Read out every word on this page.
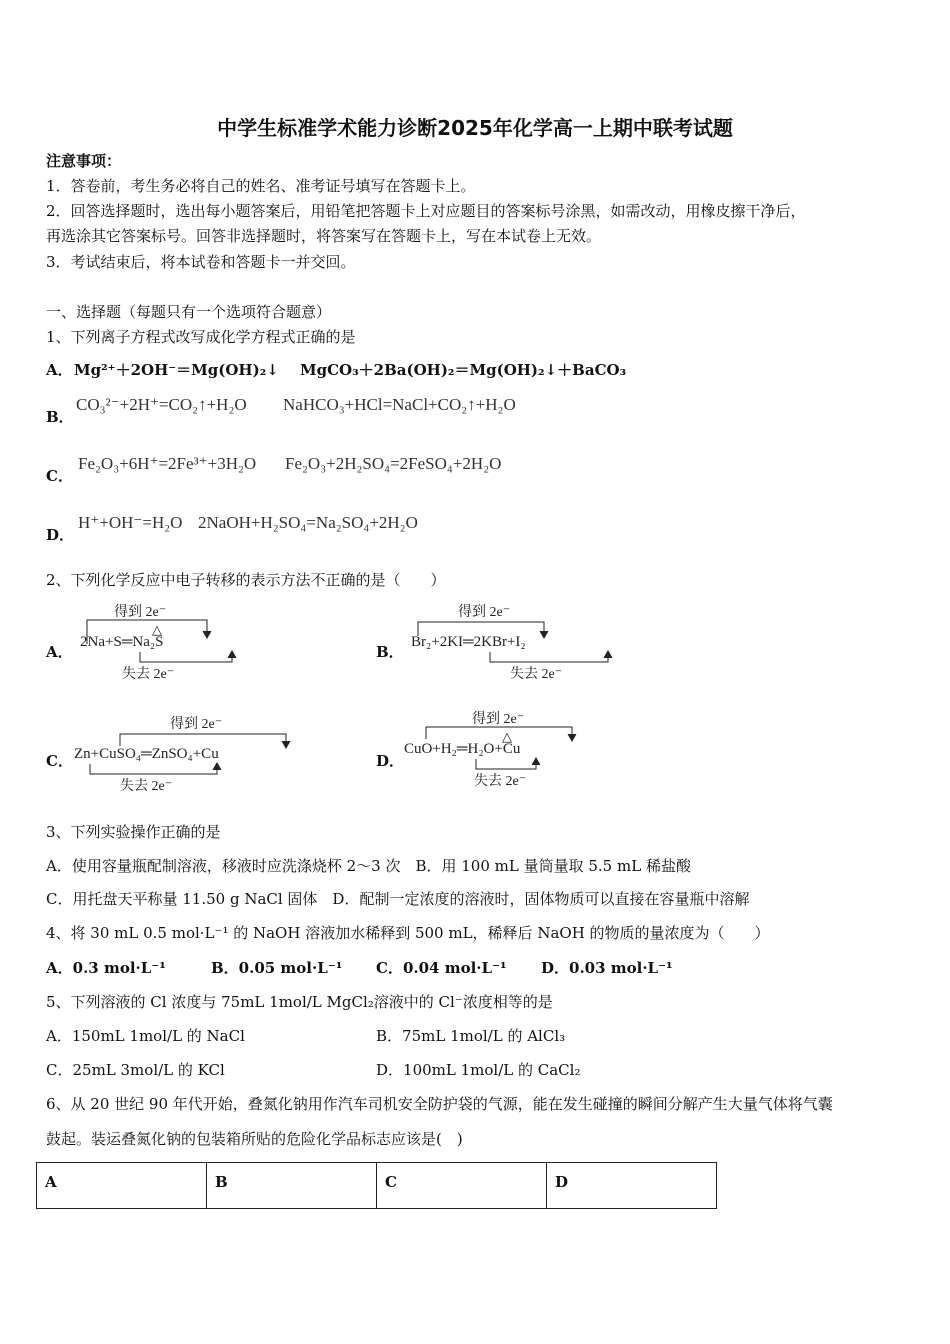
中学生标准学术能力诊断2025年化学高一上期中联考试题
注意事项：
1．答卷前，考生务必将自己的姓名、准考证号填写在答题卡上。
2．回答选择题时，选出每小题答案后，用铅笔把答题卡上对应题目的答案标号涂黑，如需改动，用橡皮擦干净后，
再选涂其它答案标号。回答非选择题时，将答案写在答题卡上，写在本试卷上无效。
3．考试结束后，将本试卷和答题卡一并交回。
一、选择题（每题只有一个选项符合题意）
1、下列离子方程式改写成化学方程式正确的是
A． Mg²⁺＋2OH⁻＝Mg(OH)₂↓ MgCO₃＋2Ba(OH)₂＝Mg(OH)₂↓＋BaCO₃
B．
CO₃²⁻+2H⁺=CO₂↑+H₂O NaHCO₃+HCl=NaCl+CO₂↑+H₂O
C．
Fe₂O₃+6H⁺=2Fe³⁺+3H₂O Fe₂O₃+2H₂SO₄=2FeSO₄+2H₂O
D．
H⁺+OH⁻=H₂O 2NaOH+H₂SO₄=Na₂SO₄+2H₂O
2、下列化学反应中电子转移的表示方法不正确的是（　　）
A．
得到 2e⁻
△
2Na+S═Na₂S
失去 2e⁻
B．
得到 2e⁻
Br₂+2KI═2KBr+I₂
失去 2e⁻
C．
得到 2e⁻
Zn+CuSO₄═ZnSO₄+Cu
失去 2e⁻
D．
得到 2e⁻
△
CuO+H₂═H₂O+Cu
失去 2e⁻
3、下列实验操作正确的是
A．使用容量瓶配制溶液，移液时应洗涤烧杯 2～3 次　B．用 100 mL 量筒量取 5.5 mL 稀盐酸
C．用托盘天平称量 11.50 g NaCl 固体　D．配制一定浓度的溶液时，固体物质可以直接在容量瓶中溶解
4、将 30 mL 0.5 mol·L⁻¹ 的 NaOH 溶液加水稀释到 500 mL，稀释后 NaOH 的物质的量浓度为（　　）
A．0.3 mol·L⁻¹	B．0.05 mol·L⁻¹ C．0.04 mol·L⁻¹ D．0.03 mol·L⁻¹
5、下列溶液的 Cl 浓度与 75mL 1mol/L MgCl₂溶液中的 Cl⁻浓度相等的是
A．150mL 1mol/L 的 NaCl	B．75mL 1mol/L 的 AlCl₃
C．25mL 3mol/L 的 KCl	D．100mL 1mol/L 的 CaCl₂
6、从 20 世纪 90 年代开始，叠氮化钠用作汽车司机安全防护袋的气源，能在发生碰撞的瞬间分解产生大量气体将气囊
鼓起。装运叠氮化钠的包装箱所贴的危险化学品标志应该是(　)
A	B	C	D
